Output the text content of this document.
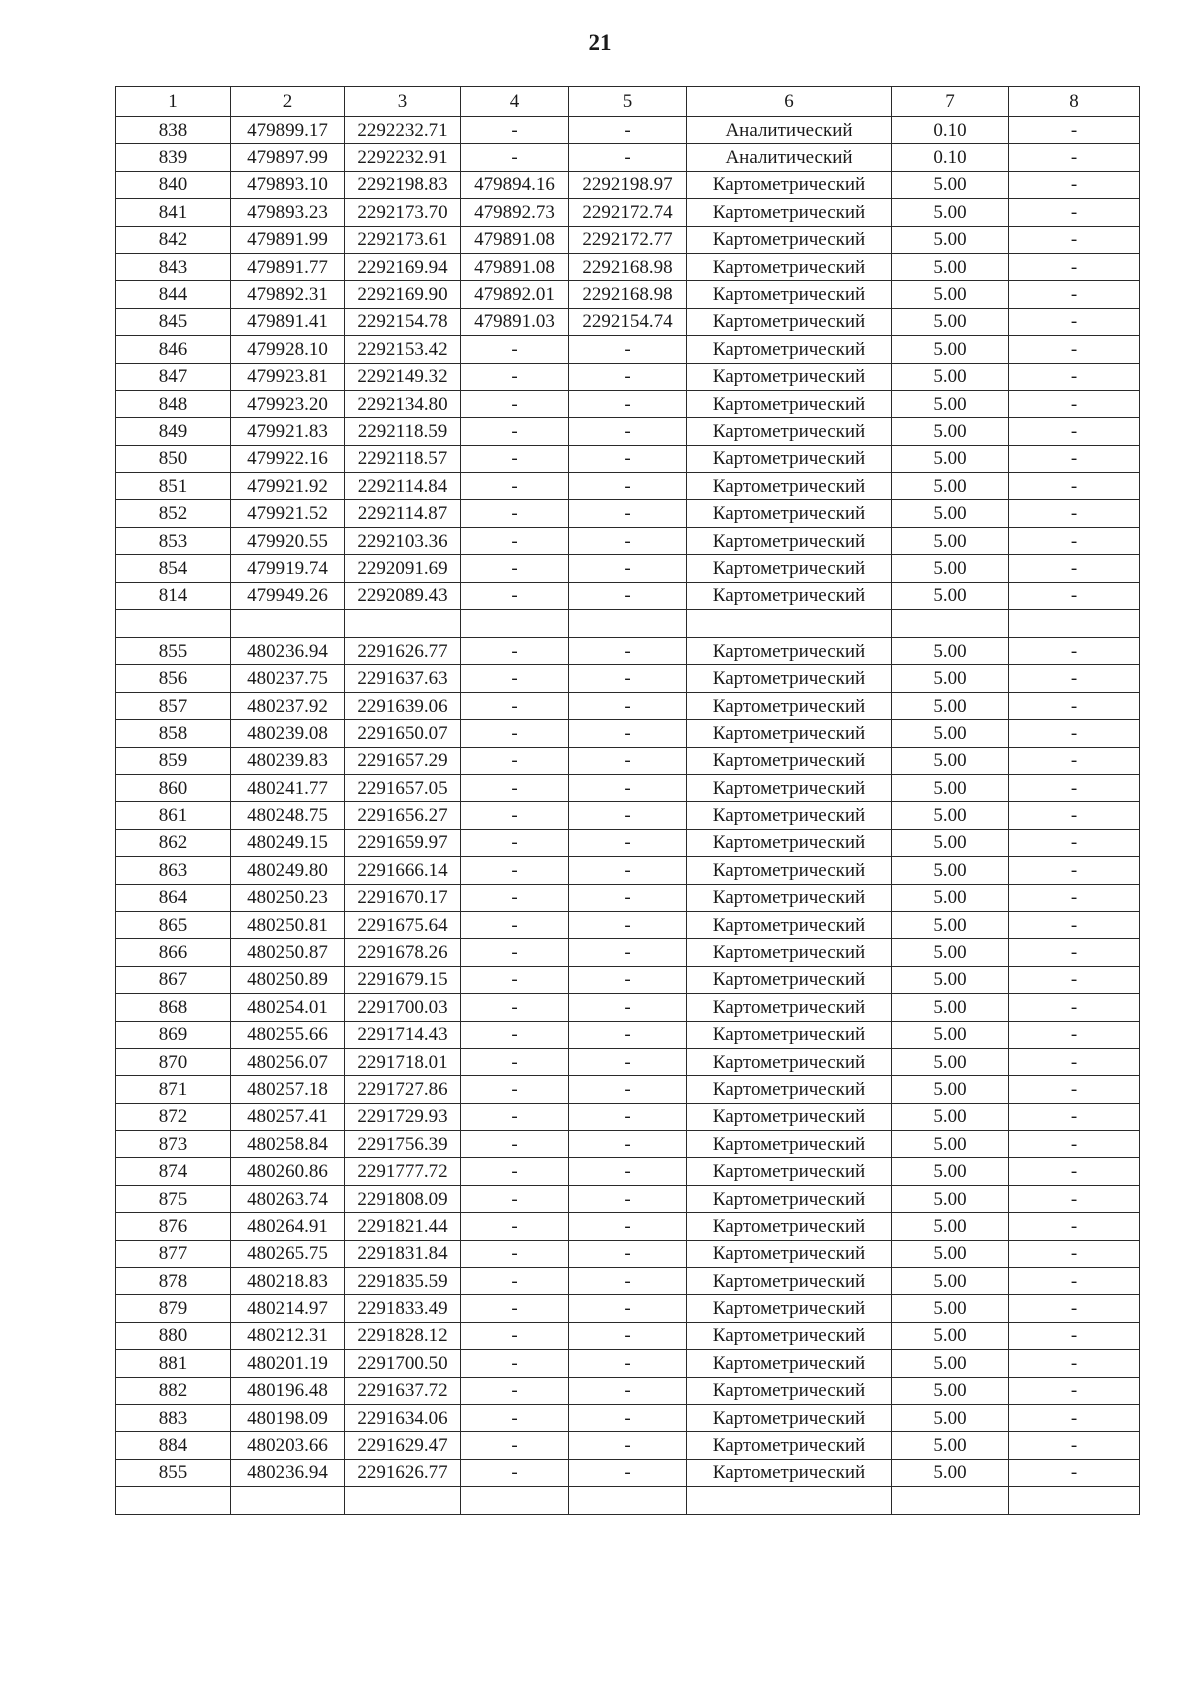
21
1	2	3	4	5	6	7	8
838	479899.17	2292232.71	-	-	Аналитический	0.10	-
839	479897.99	2292232.91	-	-	Аналитический	0.10	-
840	479893.10	2292198.83	479894.16	2292198.97	Картометрический	5.00	-
841	479893.23	2292173.70	479892.73	2292172.74	Картометрический	5.00	-
842	479891.99	2292173.61	479891.08	2292172.77	Картометрический	5.00	-
843	479891.77	2292169.94	479891.08	2292168.98	Картометрический	5.00	-
844	479892.31	2292169.90	479892.01	2292168.98	Картометрический	5.00	-
845	479891.41	2292154.78	479891.03	2292154.74	Картометрический	5.00	-
846	479928.10	2292153.42	-	-	Картометрический	5.00	-
847	479923.81	2292149.32	-	-	Картометрический	5.00	-
848	479923.20	2292134.80	-	-	Картометрический	5.00	-
849	479921.83	2292118.59	-	-	Картометрический	5.00	-
850	479922.16	2292118.57	-	-	Картометрический	5.00	-
851	479921.92	2292114.84	-	-	Картометрический	5.00	-
852	479921.52	2292114.87	-	-	Картометрический	5.00	-
853	479920.55	2292103.36	-	-	Картометрический	5.00	-
854	479919.74	2292091.69	-	-	Картометрический	5.00	-
814	479949.26	2292089.43	-	-	Картометрический	5.00	-

855	480236.94	2291626.77	-	-	Картометрический	5.00	-
856	480237.75	2291637.63	-	-	Картометрический	5.00	-
857	480237.92	2291639.06	-	-	Картометрический	5.00	-
858	480239.08	2291650.07	-	-	Картометрический	5.00	-
859	480239.83	2291657.29	-	-	Картометрический	5.00	-
860	480241.77	2291657.05	-	-	Картометрический	5.00	-
861	480248.75	2291656.27	-	-	Картометрический	5.00	-
862	480249.15	2291659.97	-	-	Картометрический	5.00	-
863	480249.80	2291666.14	-	-	Картометрический	5.00	-
864	480250.23	2291670.17	-	-	Картометрический	5.00	-
865	480250.81	2291675.64	-	-	Картометрический	5.00	-
866	480250.87	2291678.26	-	-	Картометрический	5.00	-
867	480250.89	2291679.15	-	-	Картометрический	5.00	-
868	480254.01	2291700.03	-	-	Картометрический	5.00	-
869	480255.66	2291714.43	-	-	Картометрический	5.00	-
870	480256.07	2291718.01	-	-	Картометрический	5.00	-
871	480257.18	2291727.86	-	-	Картометрический	5.00	-
872	480257.41	2291729.93	-	-	Картометрический	5.00	-
873	480258.84	2291756.39	-	-	Картометрический	5.00	-
874	480260.86	2291777.72	-	-	Картометрический	5.00	-
875	480263.74	2291808.09	-	-	Картометрический	5.00	-
876	480264.91	2291821.44	-	-	Картометрический	5.00	-
877	480265.75	2291831.84	-	-	Картометрический	5.00	-
878	480218.83	2291835.59	-	-	Картометрический	5.00	-
879	480214.97	2291833.49	-	-	Картометрический	5.00	-
880	480212.31	2291828.12	-	-	Картометрический	5.00	-
881	480201.19	2291700.50	-	-	Картометрический	5.00	-
882	480196.48	2291637.72	-	-	Картометрический	5.00	-
883	480198.09	2291634.06	-	-	Картометрический	5.00	-
884	480203.66	2291629.47	-	-	Картометрический	5.00	-
855	480236.94	2291626.77	-	-	Картометрический	5.00	-
